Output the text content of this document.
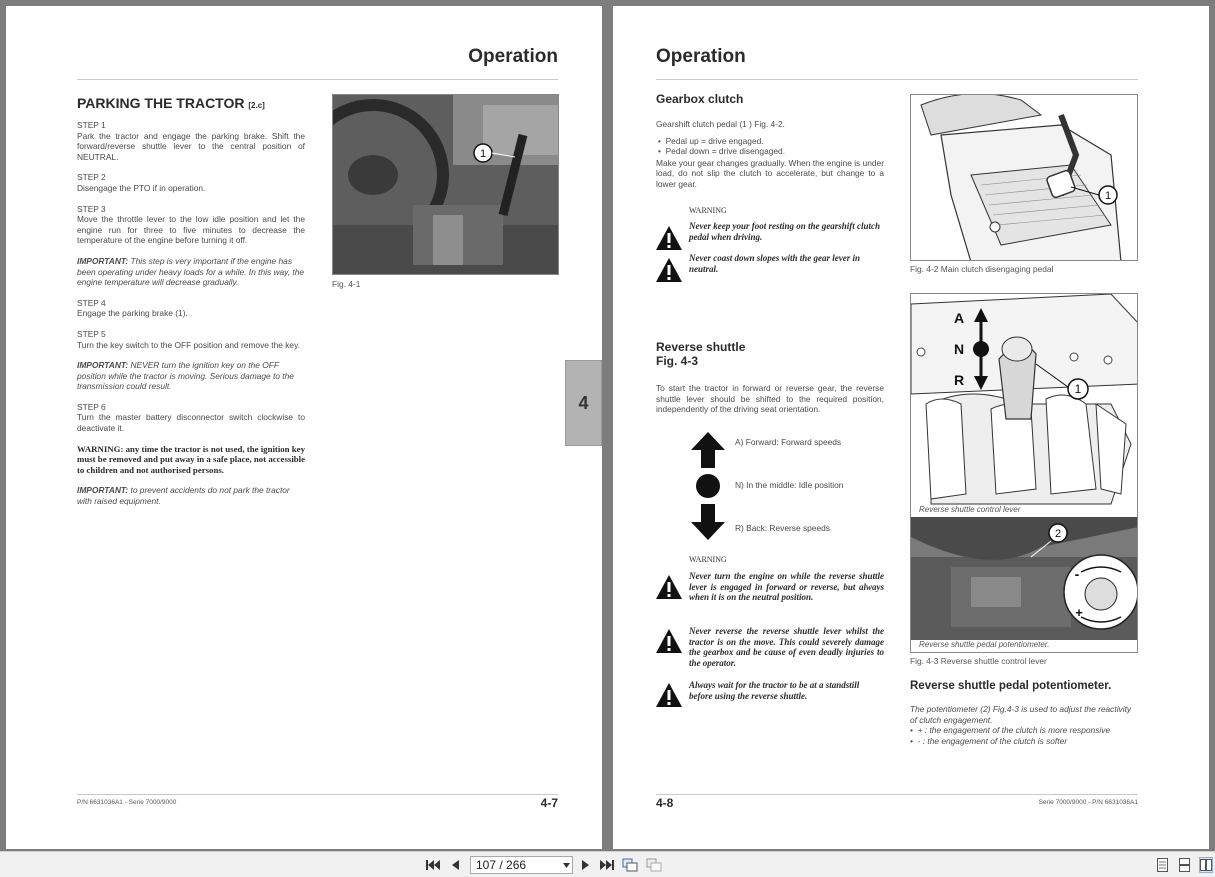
Operation
PARKING THE TRACTOR [2.c]
STEP 1
Park the tractor and engage the parking brake. Shift the forward/reverse shuttle lever to the central position of NEUTRAL.
STEP 2
Disengage the PTO if in operation.
STEP 3
Move the throttle lever to the low idle position and let the engine run for three to five minutes to decrease the temperature of the engine before turning it off.
IMPORTANT: This step is very important if the engine has been operating under heavy loads for a while. In this way, the engine temperature will decrease gradually.
STEP 4
Engage the parking brake (1).
STEP 5
Turn the key switch to the OFF position and remove the key.
IMPORTANT: NEVER turn the ignition key on the OFF position while the tractor is moving. Serious damage to the transmission could result.
STEP 6
Turn the master battery disconnector switch clockwise to deactivate it.
WARNING: any time the tractor is not used, the ignition key must be removed and put away in a safe place, not accessible to children and not authorised persons.
IMPORTANT: to prevent accidents do not park the tractor with raised equipment.
1
Fig. 4-1
P/N 6631036A1 - Serie 7000/9000	4-7
4
Operation
Gearbox clutch
Gearshift clutch pedal (1 ) Fig. 4-2.
•  Pedal up = drive engaged.
•  Pedal down = drive disengaged.
Make your gear changes gradually. When the engine is under load, do not slip the clutch to accelerate, but change to a lower gear.
WARNING
Never keep your foot resting on the gearshift clutch pedal when driving.
Never coast down slopes with the gear lever in neutral.
1
Fig. 4-2 Main clutch disengaging pedal
Reverse shuttle
Fig. 4-3
To start the tractor in forward or reverse gear, the reverse shuttle lever should be shifted to the required position, independently of the driving seat orientation.
A) Forward: Forward speeds
N) In the middle: Idle position
R) Back: Reverse speeds
WARNING
Never turn the engine on while the reverse shuttle lever is engaged in forward or reverse, but always when it is on the neutral position.
Never reverse the reverse shuttle lever whilst the tractor is on the move. This could severely damage the gearbox and be cause of even deadly injuries to the operator.
Always wait for the tractor to be at a standstill before using the reverse shuttle.
A
N
R
1
Reverse shuttle control lever
-
+
2
Reverse shuttle pedal potentiometer.
Fig. 4-3 Reverse shuttle control lever
Reverse shuttle pedal potentiometer.
The potentiometer (2) Fig.4-3 is used to adjust the reactivity of clutch engagement.
•  + : the engagement of the clutch is more responsive
•  - : the engagement of the clutch is softer
4-8	Serie 7000/9000 - P/N 6631036A1
107 / 266
